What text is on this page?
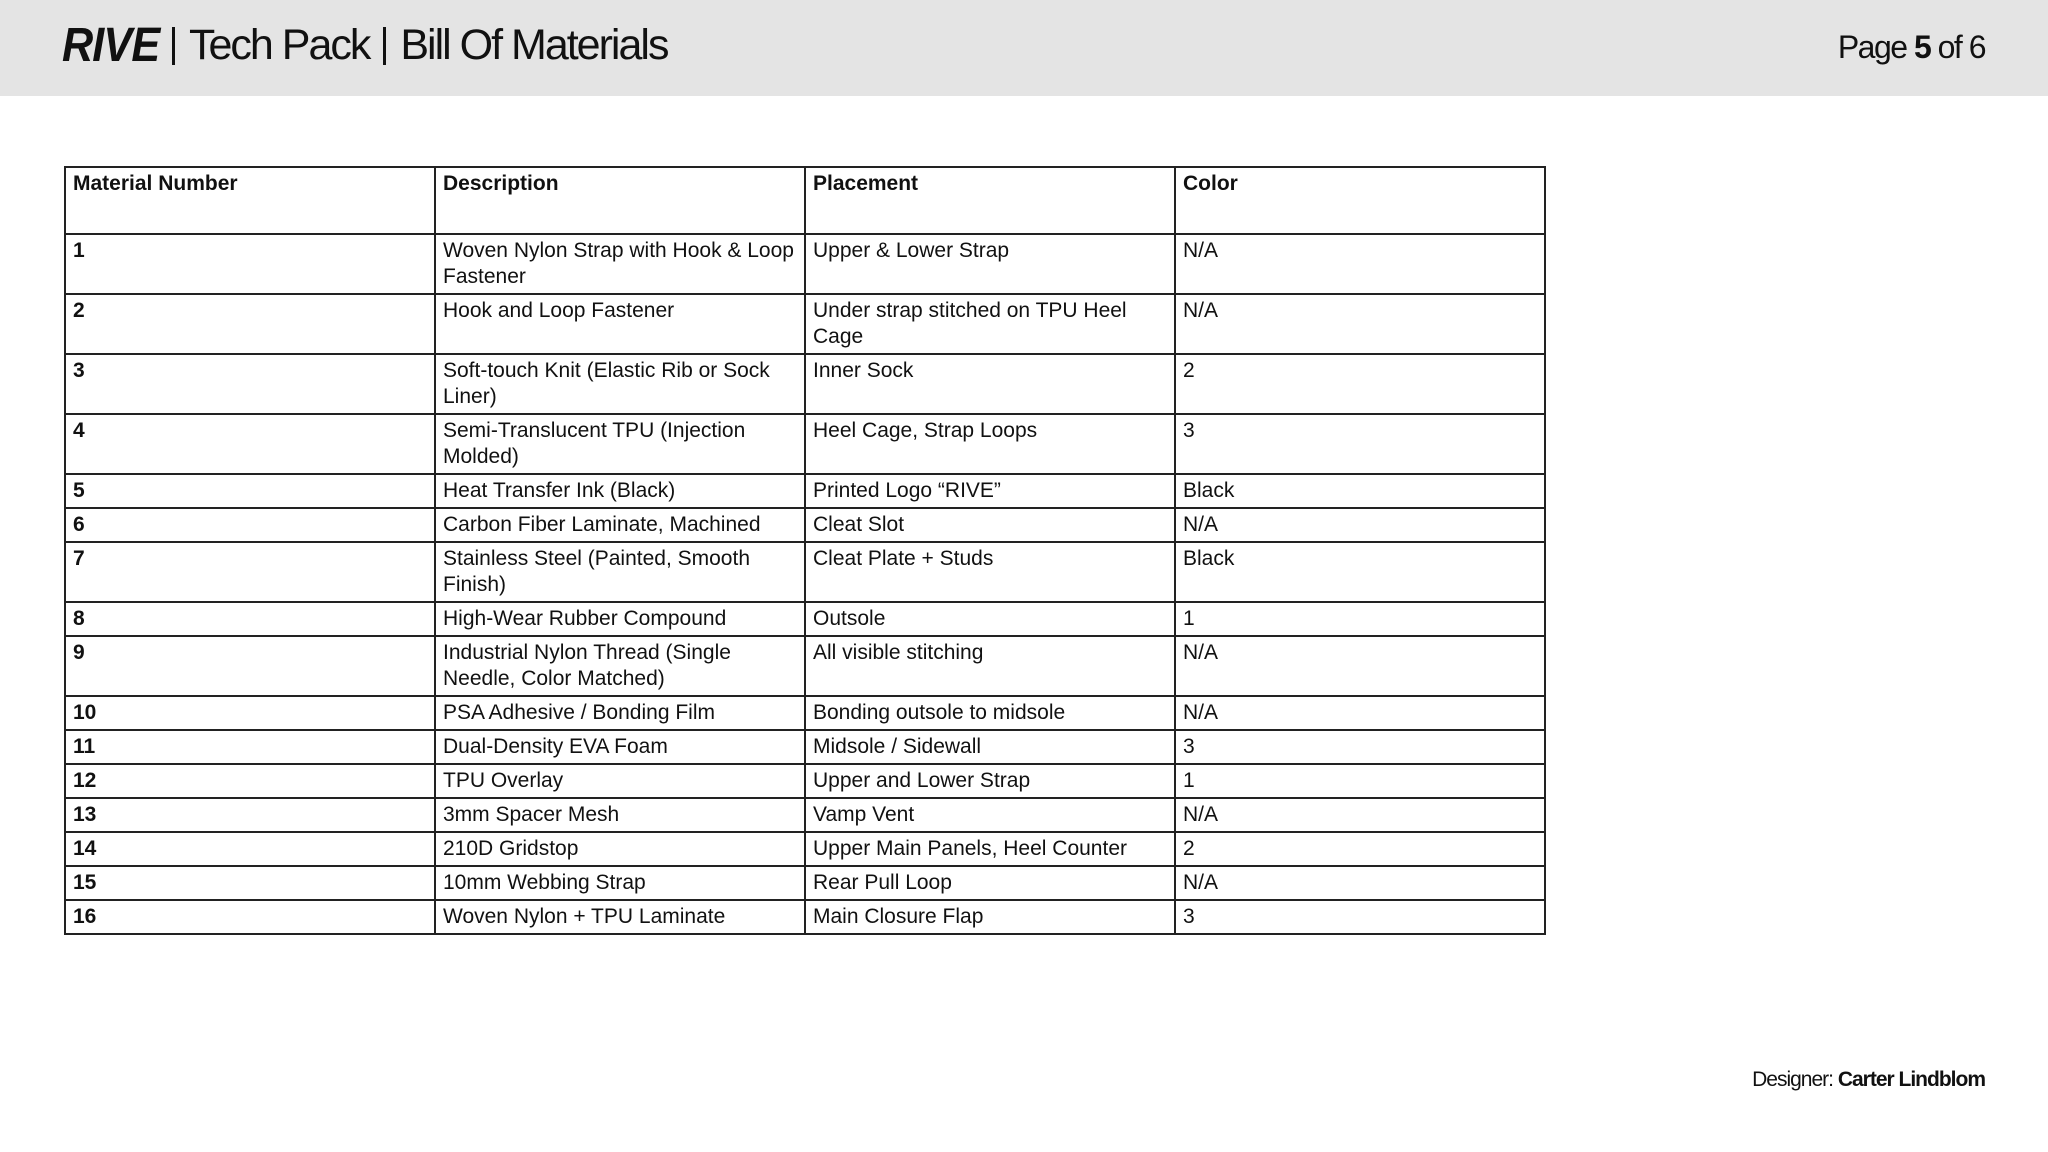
RIVE Tech Pack Bill Of Materials	Page 5 of 6
Material Number	Description	Placement	Color
1	Woven Nylon Strap with Hook & Loop Fastener	Upper & Lower Strap	N/A
2	Hook and Loop Fastener	Under strap stitched on TPU Heel Cage	N/A
3	Soft-touch Knit (Elastic Rib or Sock Liner)	Inner Sock	2
4	Semi-Translucent TPU (Injection Molded)	Heel Cage, Strap Loops	3
5	Heat Transfer Ink (Black)	Printed Logo “RIVE”	Black
6	Carbon Fiber Laminate, Machined	Cleat Slot	N/A
7	Stainless Steel (Painted, Smooth Finish)	Cleat Plate + Studs	Black
8	High-Wear Rubber Compound	Outsole	1
9	Industrial Nylon Thread (Single Needle, Color Matched)	All visible stitching	N/A
10	PSA Adhesive / Bonding Film	Bonding outsole to midsole	N/A
11	Dual-Density EVA Foam	Midsole / Sidewall	3
12	TPU Overlay	Upper and Lower Strap	1
13	3mm Spacer Mesh	Vamp Vent	N/A
14	210D Gridstop	Upper Main Panels, Heel Counter	2
15	10mm Webbing Strap	Rear Pull Loop	N/A
16	Woven Nylon + TPU Laminate	Main Closure Flap	3
Designer: Carter Lindblom
